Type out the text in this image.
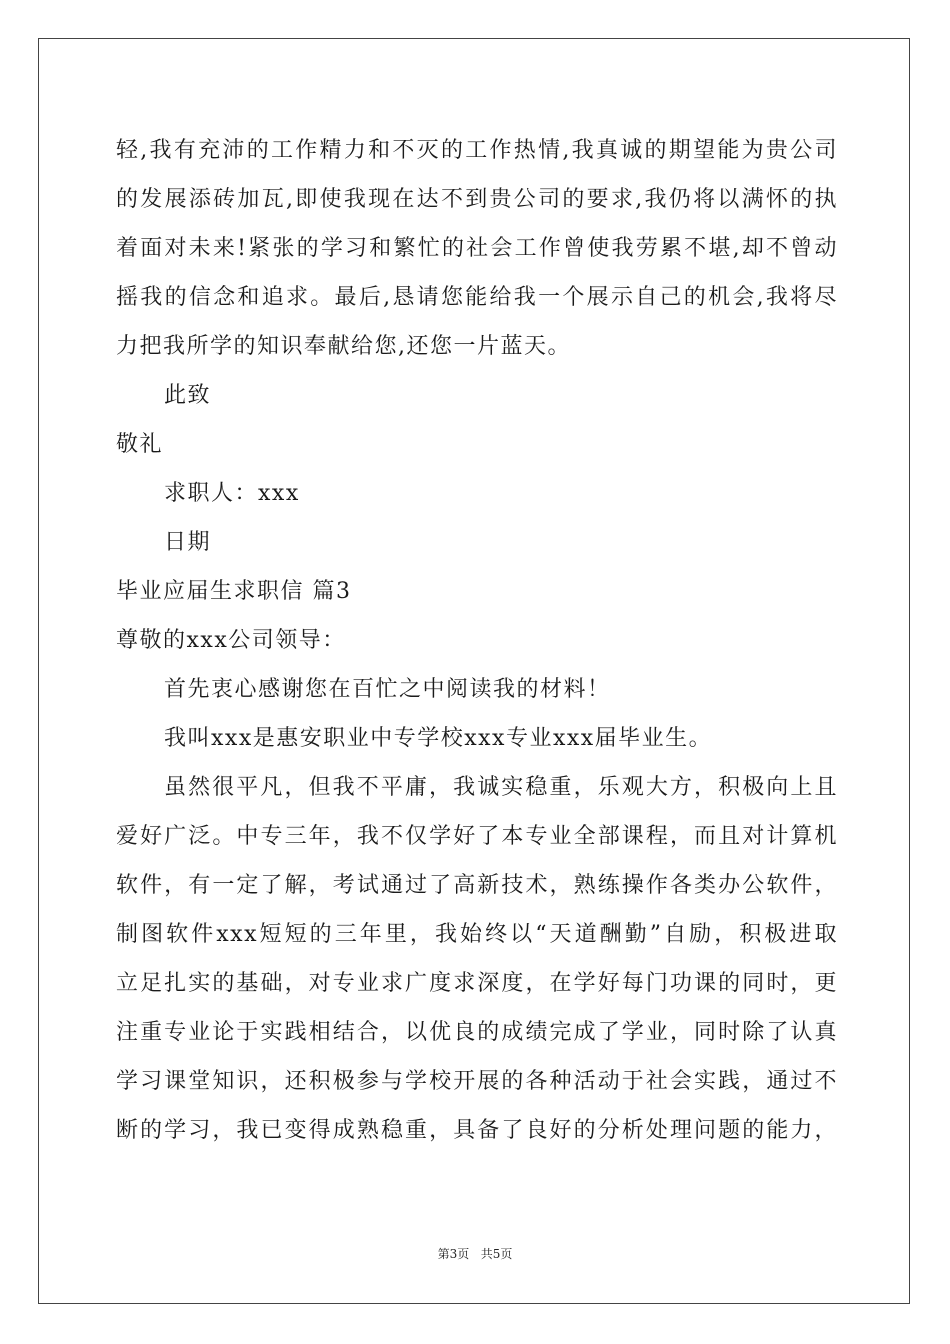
轻,我有充沛的工作精力和不灭的工作热情,我真诚的期望能为贵公司
的发展添砖加瓦,即使我现在达不到贵公司的要求,我仍将以满怀的执
着面对未来!紧张的学习和繁忙的社会工作曾使我劳累不堪,却不曾动
摇我的信念和追求。最后,恳请您能给我一个展示自己的机会,我将尽
力把我所学的知识奉献给您,还您一片蓝天。
此致
敬礼
求职人：xxx
日期
毕业应届生求职信 篇3
尊敬的xxx公司领导：
首先衷心感谢您在百忙之中阅读我的材料！
我叫xxx是惠安职业中专学校xxx专业xxx届毕业生。
虽然很平凡，但我不平庸，我诚实稳重，乐观大方，积极向上且
爱好广泛。中专三年，我不仅学好了本专业全部课程，而且对计算机
软件，有一定了解，考试通过了高新技术，熟练操作各类办公软件，
制图软件xxx短短的三年里，我始终以“天道酬勤”自励，积极进取
立足扎实的基础，对专业求广度求深度，在学好每门功课的同时，更
注重专业论于实践相结合，以优良的成绩完成了学业，同时除了认真
学习课堂知识，还积极参与学校开展的各种活动于社会实践，通过不
断的学习，我已变得成熟稳重，具备了良好的分析处理问题的能力，
第3页 共5页
